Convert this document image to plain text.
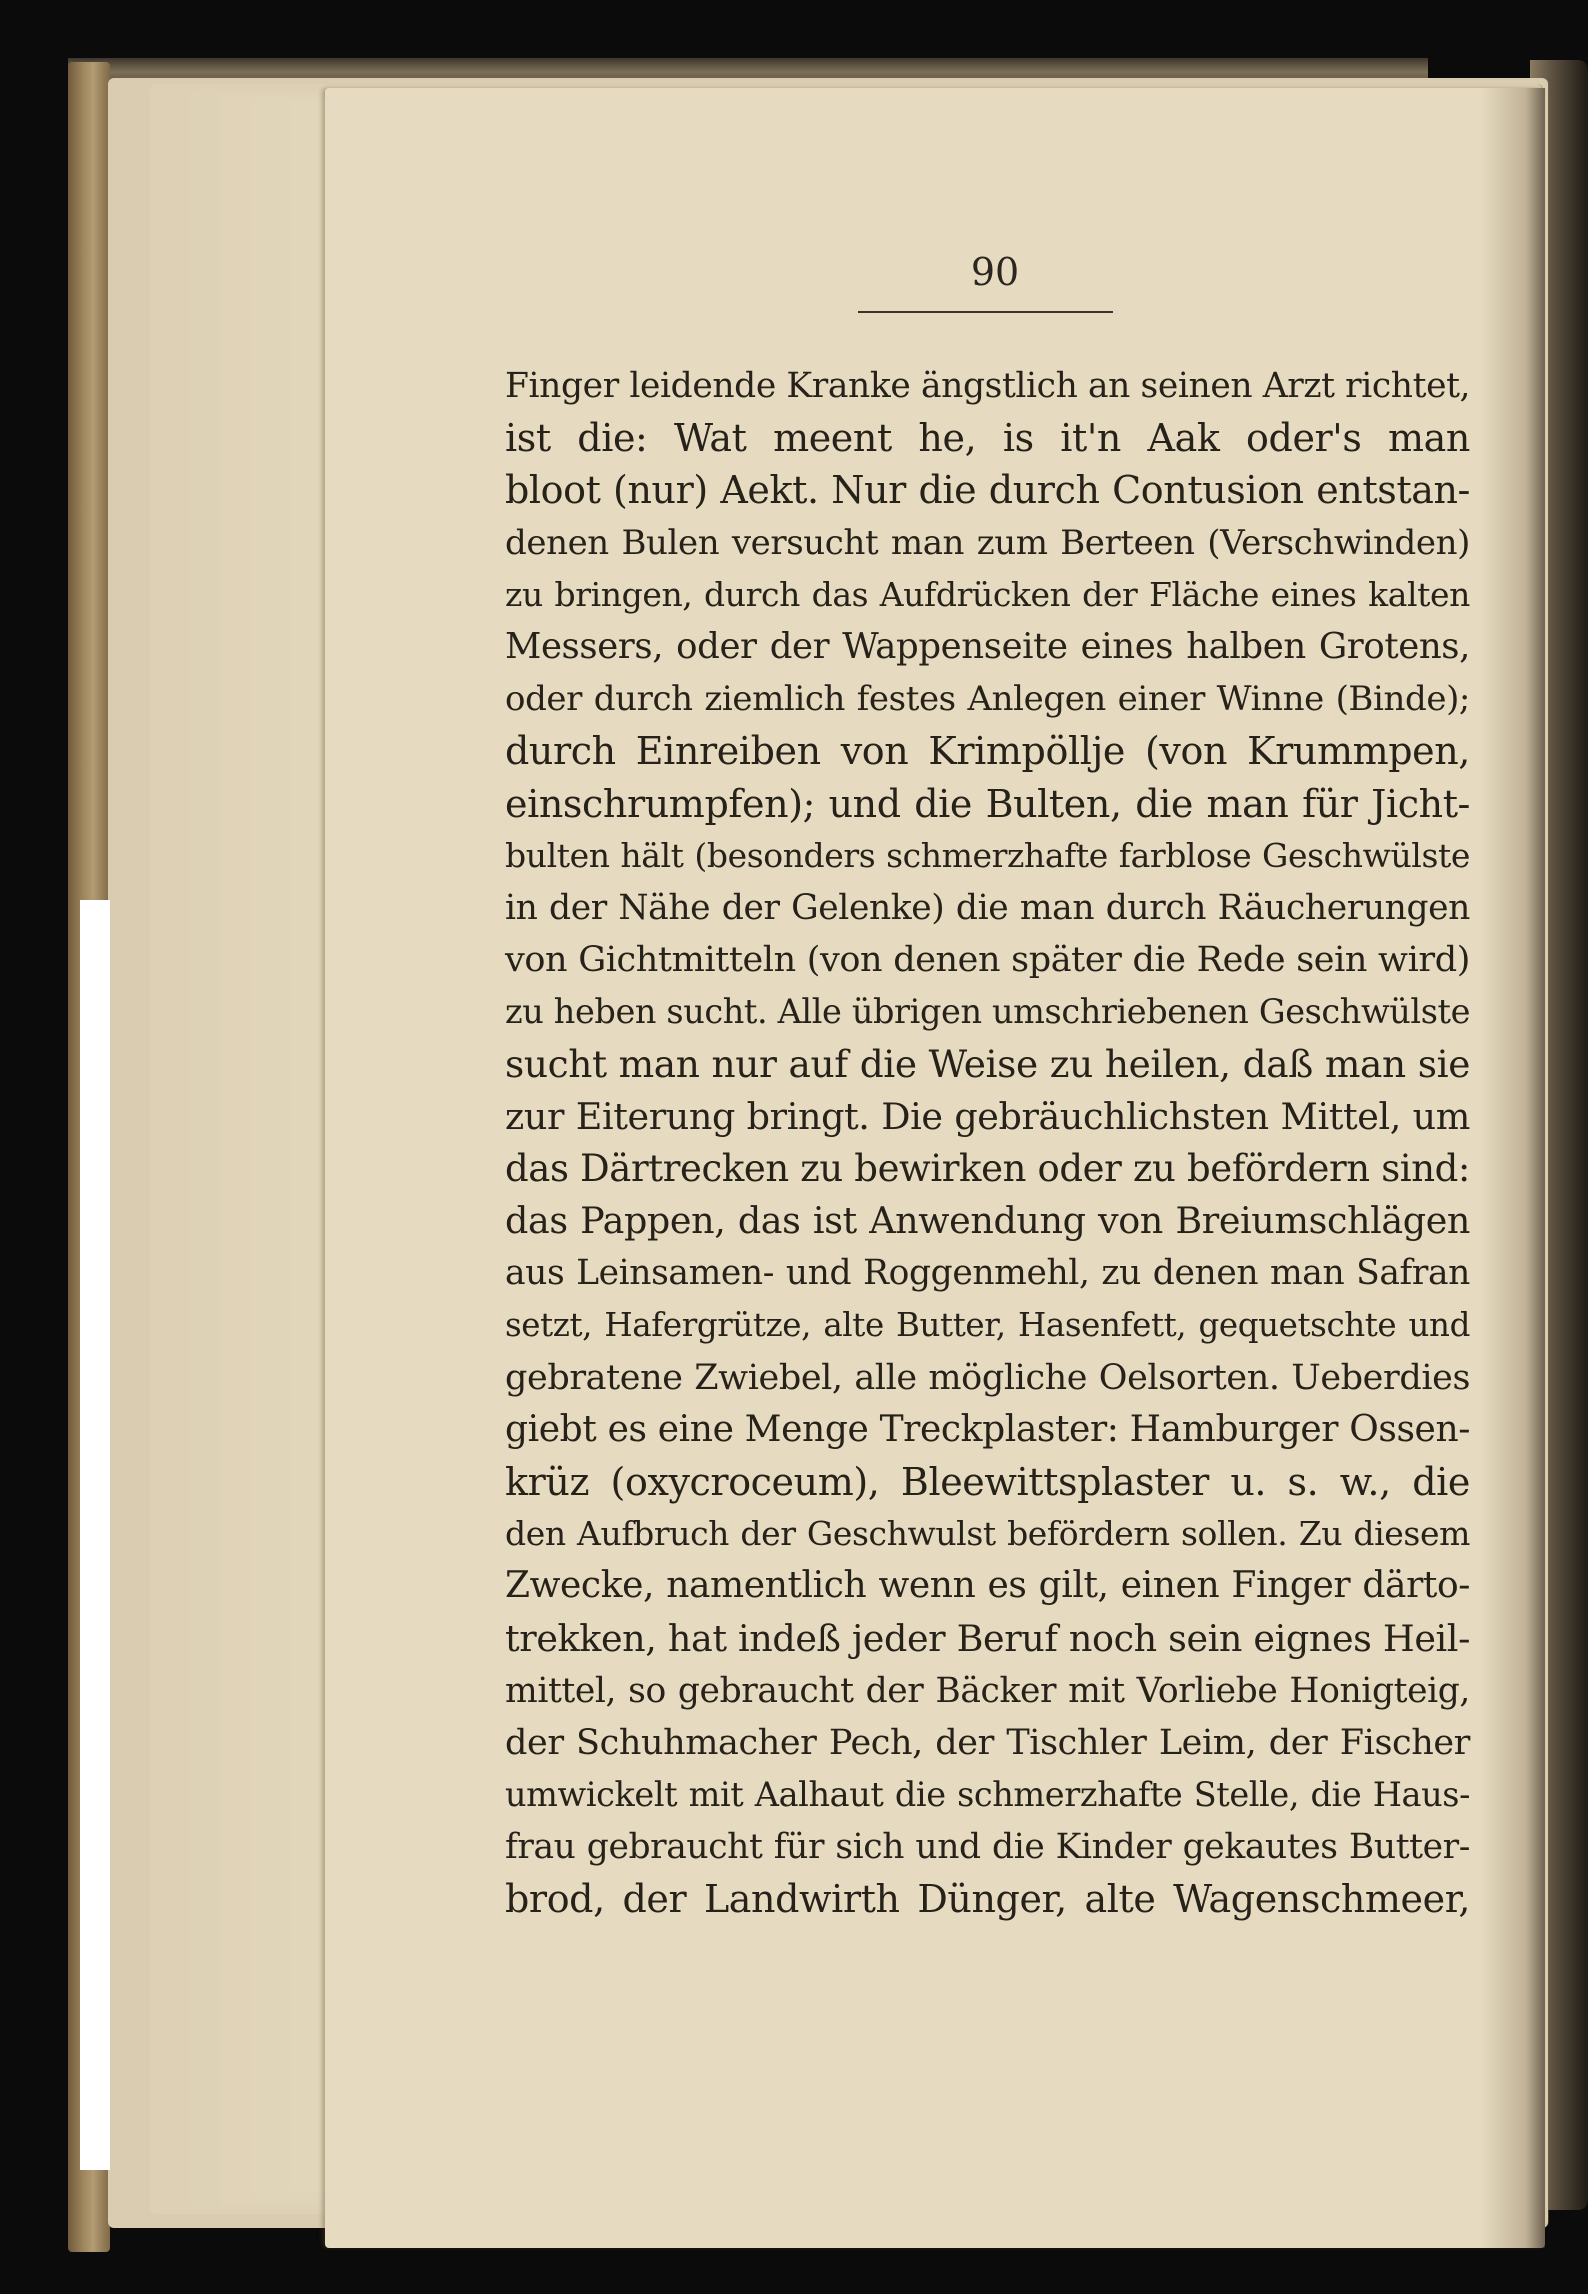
90
Finger leidende Kranke ängstlich an seinen Arzt richtet,
ist die: Wat meent he, is it'n Aak oder's man
bloot (nur) Aekt. Nur die durch Contusion entstan-
denen Bulen versucht man zum Berteen (Verschwinden)
zu bringen, durch das Aufdrücken der Fläche eines kalten
Messers, oder der Wappenseite eines halben Grotens,
oder durch ziemlich festes Anlegen einer Winne (Binde);
durch Einreiben von Krimpöllje (von Krummpen,
einschrumpfen); und die Bulten, die man für Jicht-
bulten hält (besonders schmerzhafte farblose Geschwülste
in der Nähe der Gelenke) die man durch Räucherungen
von Gichtmitteln (von denen später die Rede sein wird)
zu heben sucht. Alle übrigen umschriebenen Geschwülste
sucht man nur auf die Weise zu heilen, daß man sie
zur Eiterung bringt. Die gebräuchlichsten Mittel, um
das Därtrecken zu bewirken oder zu befördern sind:
das Pappen, das ist Anwendung von Breiumschlägen
aus Leinsamen- und Roggenmehl, zu denen man Safran
setzt, Hafergrütze, alte Butter, Hasenfett, gequetschte und
gebratene Zwiebel, alle mögliche Oelsorten. Ueberdies
giebt es eine Menge Treckplaster: Hamburger Ossen-
krüz (oxycroceum), Bleewittsplaster u. s. w., die
den Aufbruch der Geschwulst befördern sollen. Zu diesem
Zwecke, namentlich wenn es gilt, einen Finger därto-
trekken, hat indeß jeder Beruf noch sein eignes Heil-
mittel, so gebraucht der Bäcker mit Vorliebe Honigteig,
der Schuhmacher Pech, der Tischler Leim, der Fischer
umwickelt mit Aalhaut die schmerzhafte Stelle, die Haus-
frau gebraucht für sich und die Kinder gekautes Butter-
brod, der Landwirth Dünger, alte Wagenschmeer,
